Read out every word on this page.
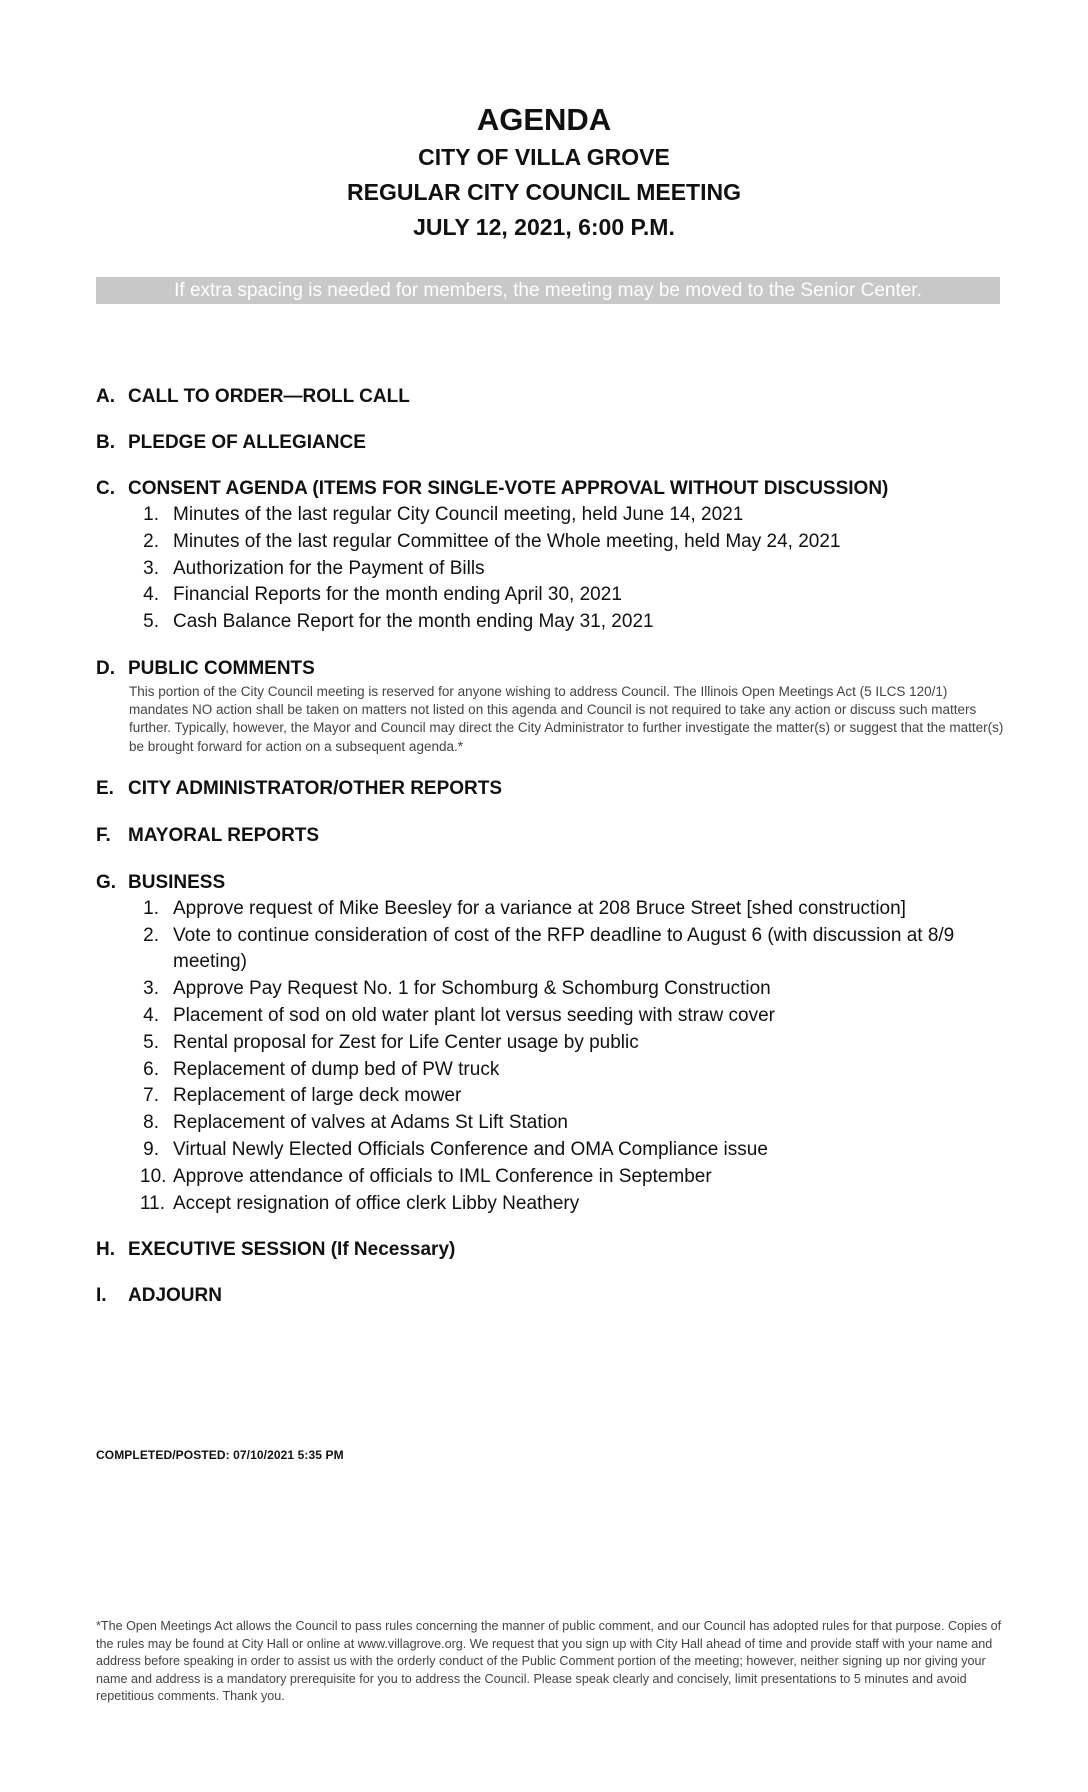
AGENDA
CITY OF VILLA GROVE
REGULAR CITY COUNCIL MEETING
JULY 12, 2021, 6:00 P.M.
If extra spacing is needed for members, the meeting may be moved to the Senior Center.
A. CALL TO ORDER—ROLL CALL
B. PLEDGE OF ALLEGIANCE
C. CONSENT AGENDA (ITEMS FOR SINGLE-VOTE APPROVAL WITHOUT DISCUSSION)
1. Minutes of the last regular City Council meeting, held June 14, 2021
2. Minutes of the last regular Committee of the Whole meeting, held May 24, 2021
3. Authorization for the Payment of Bills
4. Financial Reports for the month ending April 30, 2021
5. Cash Balance Report for the month ending May 31, 2021
D. PUBLIC COMMENTS
This portion of the City Council meeting is reserved for anyone wishing to address Council. The Illinois Open Meetings Act (5 ILCS 120/1) mandates NO action shall be taken on matters not listed on this agenda and Council is not required to take any action or discuss such matters further. Typically, however, the Mayor and Council may direct the City Administrator to further investigate the matter(s) or suggest that the matter(s) be brought forward for action on a subsequent agenda.*
E. CITY ADMINISTRATOR/OTHER REPORTS
F. MAYORAL REPORTS
G. BUSINESS
1. Approve request of Mike Beesley for a variance at 208 Bruce Street [shed construction]
2. Vote to continue consideration of cost of the RFP deadline to August 6 (with discussion at 8/9 meeting)
3. Approve Pay Request No. 1 for Schomburg & Schomburg Construction
4. Placement of sod on old water plant lot versus seeding with straw cover
5. Rental proposal for Zest for Life Center usage by public
6. Replacement of dump bed of PW truck
7. Replacement of large deck mower
8. Replacement of valves at Adams St Lift Station
9. Virtual Newly Elected Officials Conference and OMA Compliance issue
10. Approve attendance of officials to IML Conference in September
11. Accept resignation of office clerk Libby Neathery
H. EXECUTIVE SESSION (If Necessary)
I.	ADJOURN
COMPLETED/POSTED: 07/10/2021 5:35 PM
*The Open Meetings Act allows the Council to pass rules concerning the manner of public comment, and our Council has adopted rules for that purpose. Copies of the rules may be found at City Hall or online at www.villagrove.org. We request that you sign up with City Hall ahead of time and provide staff with your name and address before speaking in order to assist us with the orderly conduct of the Public Comment portion of the meeting; however, neither signing up nor giving your name and address is a mandatory prerequisite for you to address the Council. Please speak clearly and concisely, limit presentations to 5 minutes and avoid repetitious comments. Thank you.
